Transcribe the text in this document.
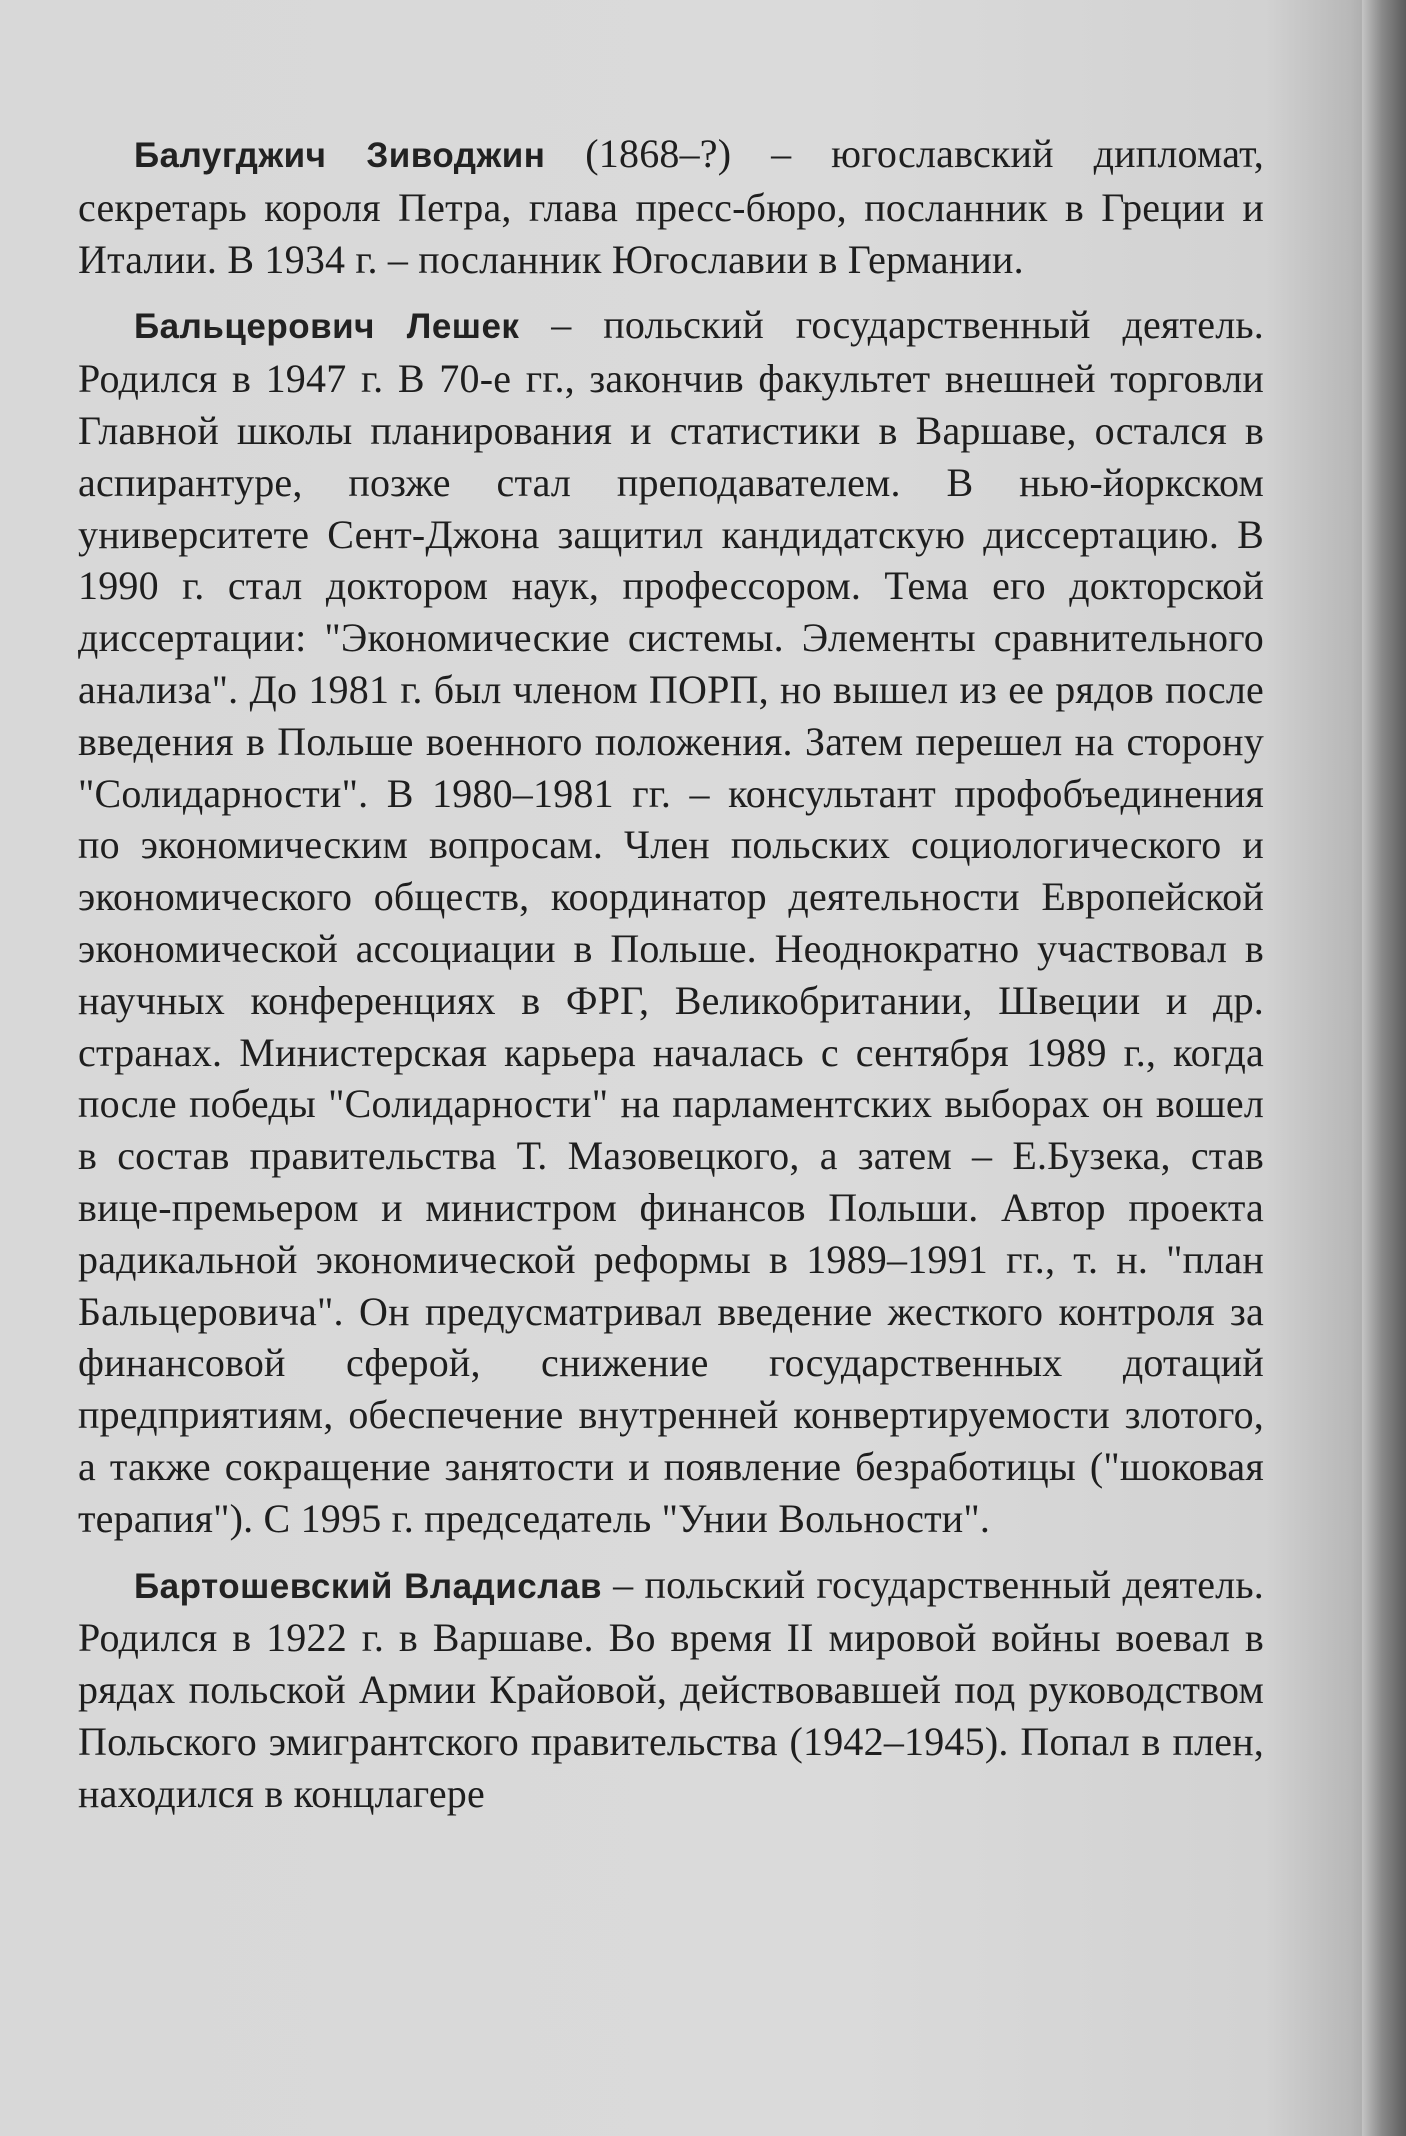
Балугджич Зиводжин (1868–?) – югославский дипломат, секретарь короля Петра, глава пресс-бюро, посланник в Греции и Италии. В 1934 г. – посланник Югославии в Германии.

Бальцерович Лешек – польский государственный деятель. Родился в 1947 г. В 70-е гг., закончив факультет внешней торговли Главной школы планирования и статистики в Варшаве, остался в аспирантуре, позже стал преподавателем. В нью-йоркском университете Сент-Джона защитил кандидатскую диссертацию. В 1990 г. стал доктором наук, профессором. Тема его докторской диссертации: "Экономические системы. Элементы сравнительного анализа". До 1981 г. был членом ПОРП, но вышел из ее рядов после введения в Польше военного положения. Затем перешел на сторону "Солидарности". В 1980–1981 гг. – консультант профобъединения по экономическим вопросам. Член польских социологического и экономического обществ, координатор деятельности Европейской экономической ассоциации в Польше. Неоднократно участвовал в научных конференциях в ФРГ, Великобритании, Швеции и др. странах. Министерская карьера началась с сентября 1989 г., когда после победы "Солидарности" на парламентских выборах он вошел в состав правительства Т. Мазовецкого, а затем – Е.Бузека, став вице-премьером и министром финансов Польши. Автор проекта радикальной экономической реформы в 1989–1991 гг., т. н. "план Бальцеровича". Он предусматривал введение жесткого контроля за финансовой сферой, снижение государственных дотаций предприятиям, обеспечение внутренней конвертируемости злотого, а также сокращение занятости и появление безработицы ("шоковая терапия"). С 1995 г. председатель "Унии Вольности".

Бартошевский Владислав – польский государственный деятель. Родился в 1922 г. в Варшаве. Во время II мировой войны воевал в рядах польской Армии Крайовой, действовавшей под руководством Польского эмигрантского правительства (1942–1945). Попал в плен, находился в концлагере
